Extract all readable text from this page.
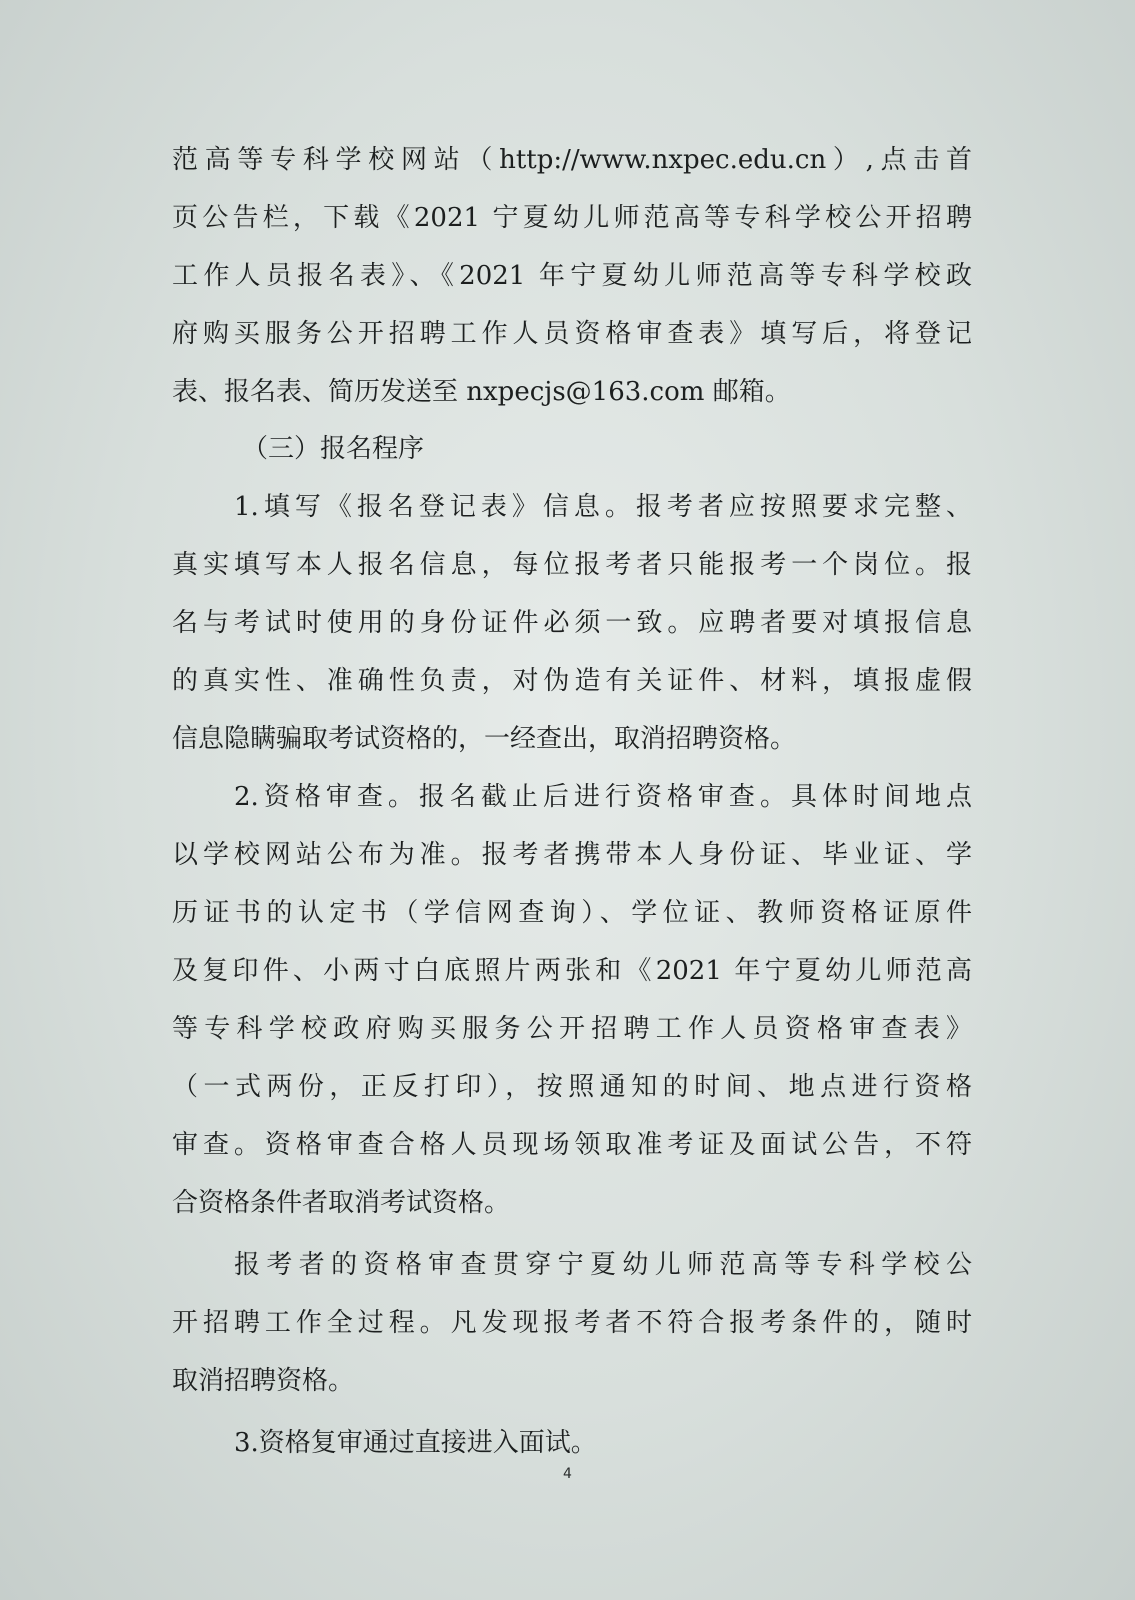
范高等专科学校网站（http://www.nxpec.edu.cn）,点击首
页公告栏，下载《2021 宁夏幼儿师范高等专科学校公开招聘
工作人员报名表》、《2021 年宁夏幼儿师范高等专科学校政
府购买服务公开招聘工作人员资格审查表》填写后，将登记
表、报名表、简历发送至 nxpecjs@163.com 邮箱。
（三）报名程序
1.填写《报名登记表》信息。报考者应按照要求完整、
真实填写本人报名信息，每位报考者只能报考一个岗位。报
名与考试时使用的身份证件必须一致。应聘者要对填报信息
的真实性、准确性负责，对伪造有关证件、材料，填报虚假
信息隐瞒骗取考试资格的，一经查出，取消招聘资格。
2.资格审查。报名截止后进行资格审查。具体时间地点
以学校网站公布为准。报考者携带本人身份证、毕业证、学
历证书的认定书（学信网查询）、学位证、教师资格证原件
及复印件、小两寸白底照片两张和《2021 年宁夏幼儿师范高
等专科学校政府购买服务公开招聘工作人员资格审查表》
（一式两份，正反打印），按照通知的时间、地点进行资格
审查。资格审查合格人员现场领取准考证及面试公告，不符
合资格条件者取消考试资格。
报考者的资格审查贯穿宁夏幼儿师范高等专科学校公
开招聘工作全过程。凡发现报考者不符合报考条件的，随时
取消招聘资格。
3.资格复审通过直接进入面试。
4
